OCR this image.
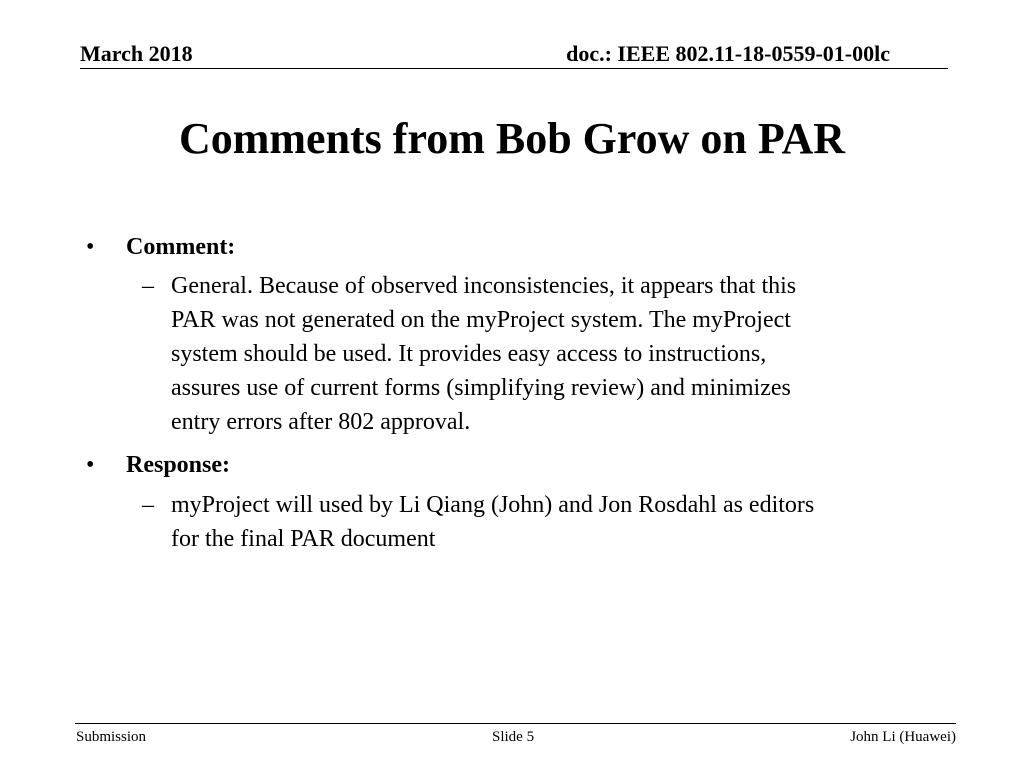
March 2018	doc.: IEEE 802.11-18-0559-01-00lc
Comments from Bob Grow on PAR
• Comment:
– General. Because of observed inconsistencies, it appears that this
PAR was not generated on the myProject system. The myProject
system should be used. It provides easy access to instructions,
assures use of current forms (simplifying review) and minimizes
entry errors after 802 approval.
• Response:
– myProject will used by Li Qiang (John) and Jon Rosdahl as editors
for the final PAR document
Submission	Slide 5	John Li (Huawei)
